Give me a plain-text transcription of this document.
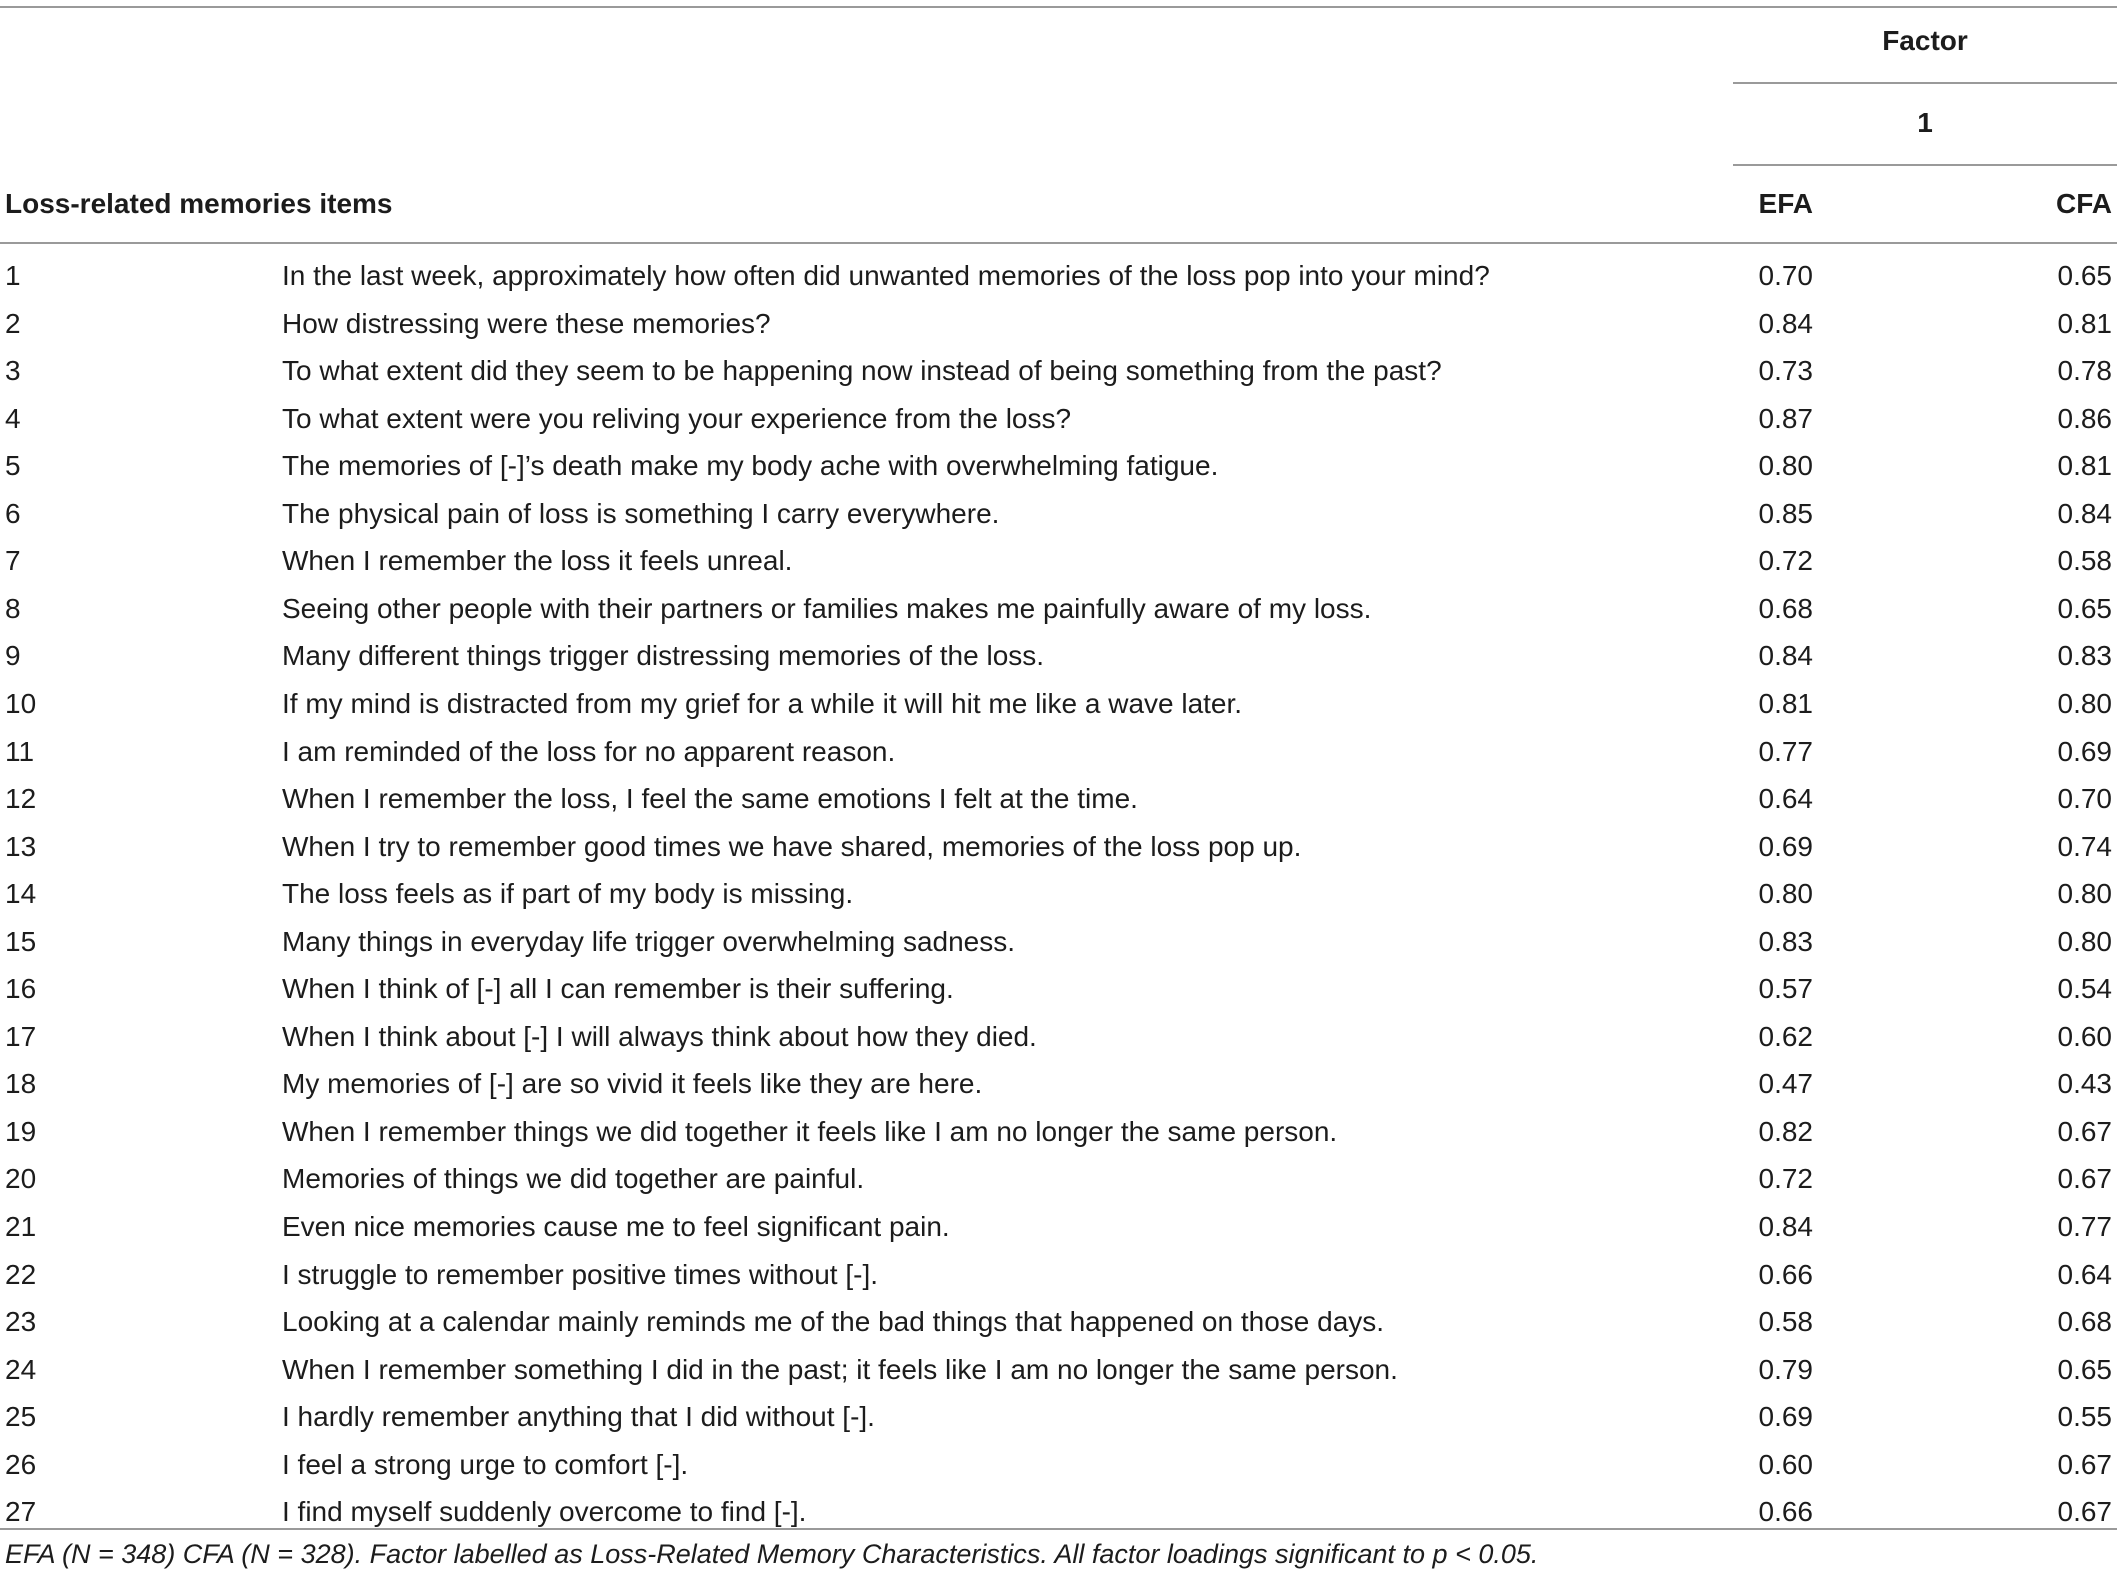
Factor
1
Loss-related memories items	EFA	CFA
1	In the last week, approximately how often did unwanted memories of the loss pop into your mind?	0.70	0.65
2	How distressing were these memories?	0.84	0.81
3	To what extent did they seem to be happening now instead of being something from the past?	0.73	0.78
4	To what extent were you reliving your experience from the loss?	0.87	0.86
5	The memories of [-]’s death make my body ache with overwhelming fatigue.	0.80	0.81
6	The physical pain of loss is something I carry everywhere.	0.85	0.84
7	When I remember the loss it feels unreal.	0.72	0.58
8	Seeing other people with their partners or families makes me painfully aware of my loss.	0.68	0.65
9	Many different things trigger distressing memories of the loss.	0.84	0.83
10	If my mind is distracted from my grief for a while it will hit me like a wave later.	0.81	0.80
11	I am reminded of the loss for no apparent reason.	0.77	0.69
12	When I remember the loss, I feel the same emotions I felt at the time.	0.64	0.70
13	When I try to remember good times we have shared, memories of the loss pop up.	0.69	0.74
14	The loss feels as if part of my body is missing.	0.80	0.80
15	Many things in everyday life trigger overwhelming sadness.	0.83	0.80
16	When I think of [-] all I can remember is their suffering.	0.57	0.54
17	When I think about [-] I will always think about how they died.	0.62	0.60
18	My memories of [-] are so vivid it feels like they are here.	0.47	0.43
19	When I remember things we did together it feels like I am no longer the same person.	0.82	0.67
20	Memories of things we did together are painful.	0.72	0.67
21	Even nice memories cause me to feel significant pain.	0.84	0.77
22	I struggle to remember positive times without [-].	0.66	0.64
23	Looking at a calendar mainly reminds me of the bad things that happened on those days.	0.58	0.68
24	When I remember something I did in the past; it feels like I am no longer the same person.	0.79	0.65
25	I hardly remember anything that I did without [-].	0.69	0.55
26	I feel a strong urge to comfort [-].	0.60	0.67
27	I find myself suddenly overcome to find [-].	0.66	0.67
EFA (N = 348) CFA (N = 328). Factor labelled as Loss-Related Memory Characteristics. All factor loadings significant to p < 0.05.
